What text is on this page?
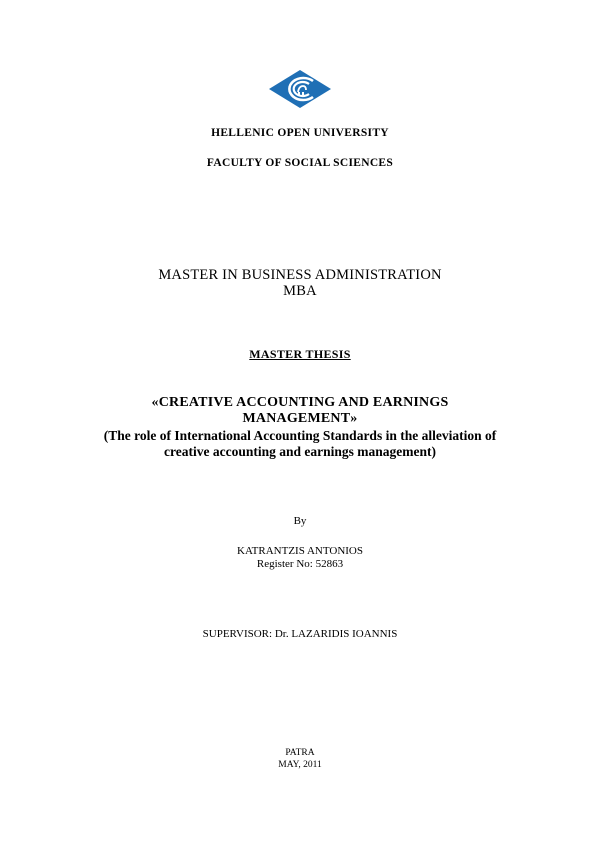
HELLENIC OPEN UNIVERSITY
FACULTY OF SOCIAL SCIENCES
MASTER IN BUSINESS ADMINISTRATION
MBA
MASTER THESIS
«CREATIVE ACCOUNTING AND EARNINGS
MANAGEMENT»
(The role of International Accounting Standards in the alleviation of
creative accounting and earnings management)
By
KATRANTZIS ANTONIOS
Register No: 52863
SUPERVISOR: Dr. LAZARIDIS IOANNIS
PATRA
MAY, 2011
